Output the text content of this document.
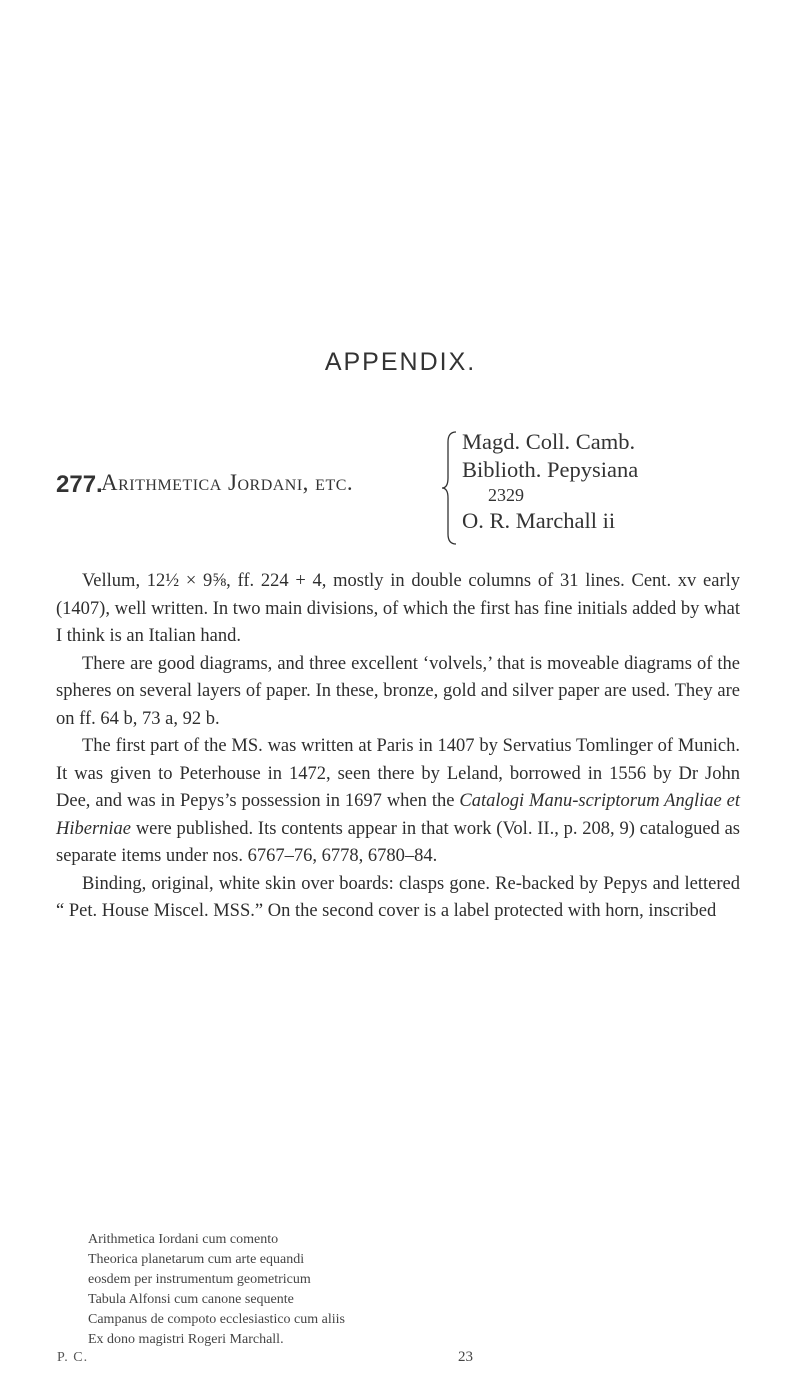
APPENDIX.
277.
Arithmetica Jordani, etc.
Magd. Coll. Camb.
Biblioth. Pepysiana
2329
O. R. Marchall ii

Vellum, 12½ × 9⅝, ff. 224 + 4, mostly in double columns of 31 lines. Cent. xv early (1407), well written. In two main divisions, of which the first has fine initials added by what I think is an Italian hand.

There are good diagrams, and three excellent ‘volvels,’ that is moveable diagrams of the spheres on several layers of paper. In these, bronze, gold and silver paper are used. They are on ff. 64 b, 73 a, 92 b.

The first part of the MS. was written at Paris in 1407 by Servatius Tomlinger of Munich. It was given to Peterhouse in 1472, seen there by Leland, borrowed in 1556 by Dr John Dee, and was in Pepys’s possession in 1697 when the Catalogi Manu-scriptorum Angliae et Hiberniae were published. Its contents appear in that work (Vol. II., p. 208, 9) catalogued as separate items under nos. 6767–76, 6778, 6780–84.

Binding, original, white skin over boards: clasps gone. Re-backed by Pepys and lettered “ Pet. House Miscel. MSS.” On the second cover is a label protected with horn, inscribed

Arithmetica Iordani cum comento
Theorica planetarum cum arte equandi
eosdem per instrumentum geometricum
Tabula Alfonsi cum canone sequente
Campanus de compoto ecclesiastico cum aliis
Ex dono magistri Rogeri Marchall.
P. C.	23
